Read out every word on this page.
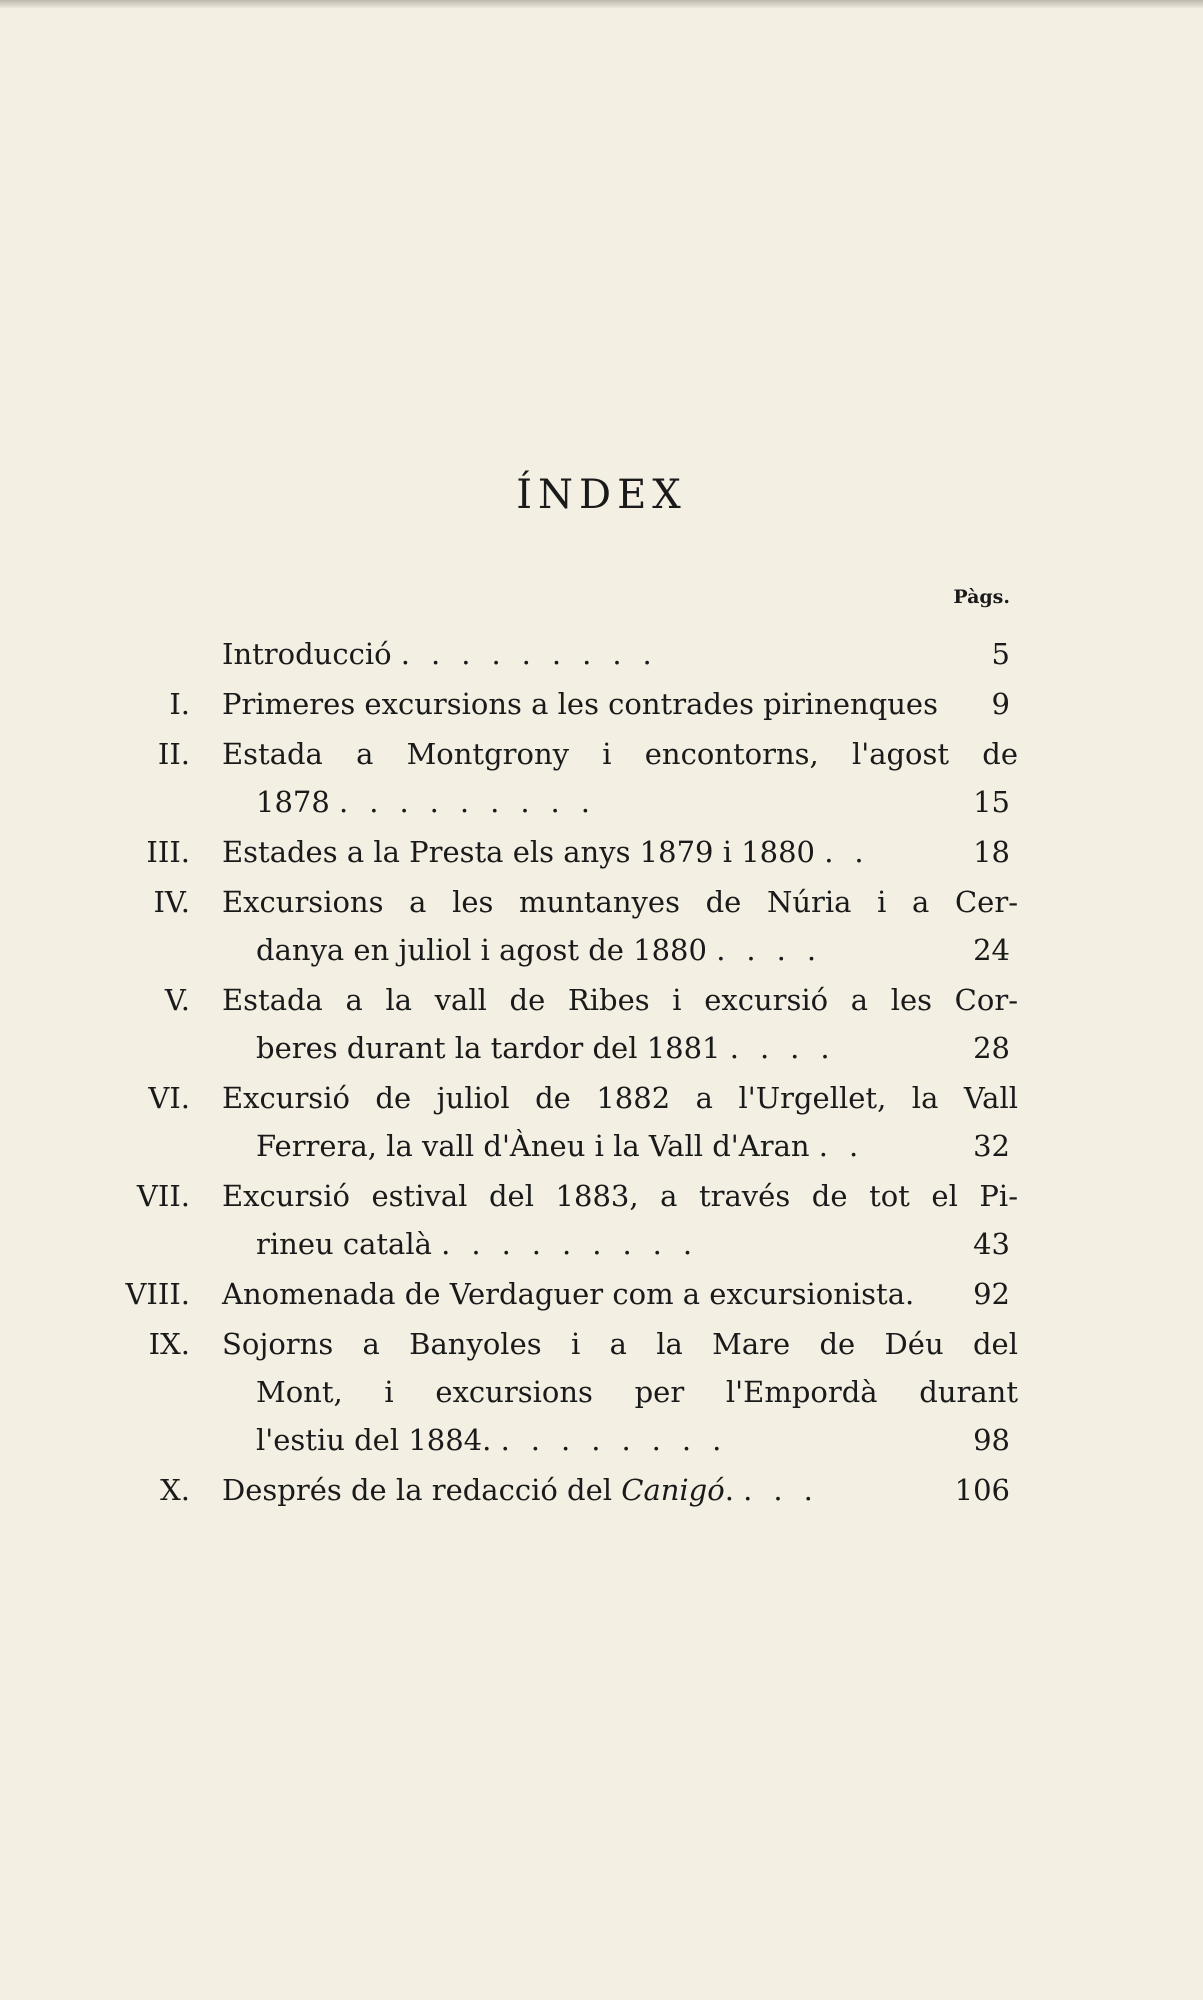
ÍNDEX
Pàgs.
Introducció .........	5
I. Primeres excursions a les contrades pirinenques	9
II. Estada a Montgrony i encontorns, l'agost de
1878 .........	15
III. Estades a la Presta els anys 1879 i 1880 ..	18
IV. Excursions a les muntanyes de Núria i a Cer-
danya en juliol i agost de 1880 ....	24
V. Estada a la vall de Ribes i excursió a les Cor-
beres durant la tardor del 1881 ....	28
VI. Excursió de juliol de 1882 a l'Urgellet, la Vall
Ferrera, la vall d'Àneu i la Vall d'Aran ..	32
VII. Excursió estival del 1883, a través de tot el Pi-
rineu català .........	43
VIII. Anomenada de Verdaguer com a excursionista.	92
IX. Sojorns a Banyoles i a la Mare de Déu del
Mont, i excursions per l'Empordà durant
l'estiu del 1884. ........	98
X. Després de la redacció del Canigó. ...	106
